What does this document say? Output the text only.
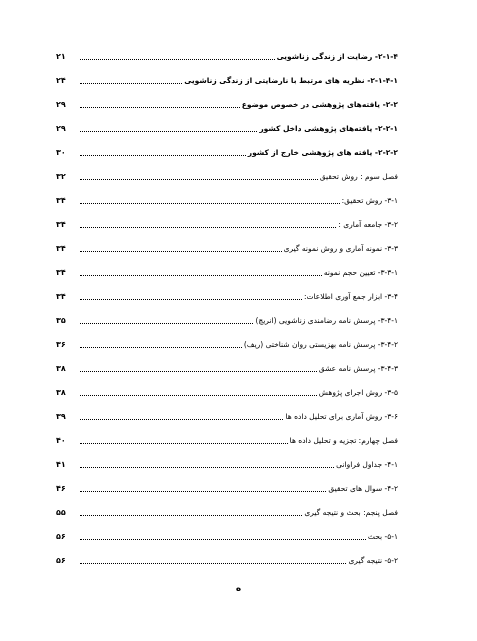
۲۱	۲-۱-۴- رضایت از زندگی زناشویی
۲۴	۲-۱-۴-۱- نظریه های مرتبط با نارضایتی از زندگی زناشویی
۲۹	۲-۲- یافته‌های پژوهشی در خصوص موضوع
۲۹	۲-۲-۱- یافته‌های پژوهشی داخل کشور
۳۰	۲-۲-۲- یافته های پژوهشی خارج از کشور
۳۲	فصل سوم : روش تحقیق
۳۴	۳-۱- روش تحقیق:
۳۴	۳-۲- جامعه آماری :
۳۴	۳-۳- نمونه آماری و روش نمونه گیری
۳۴	۳-۳-۱- تعیین حجم نمونه
۳۴	۳-۴- ابزار جمع آوری اطلاعات:
۳۵	۳-۴-۱- پرسش نامه رضامندی زناشویی (انریچ)
۳۶	۳-۴-۲- پرسش نامه بهزیستی روان شناختی (ریف)
۳۸	۳-۴-۳- پرسش نامه عشق
۳۸	۳-۵- روش اجرای پژوهش
۳۹	۳-۶- روش آماری برای تحلیل داده ها
۴۰	فصل چهارم: تجزیه و تحلیل داده ها
۴۱	۴-۱- جداول فراوانی
۴۶	۴-۲- سوال های تحقیق
۵۵	فصل پنجم: بحث و نتیجه گیری
۵۶	۵-۱- بحث
۵۶	۵-۲- نتیجه گیری
ه
